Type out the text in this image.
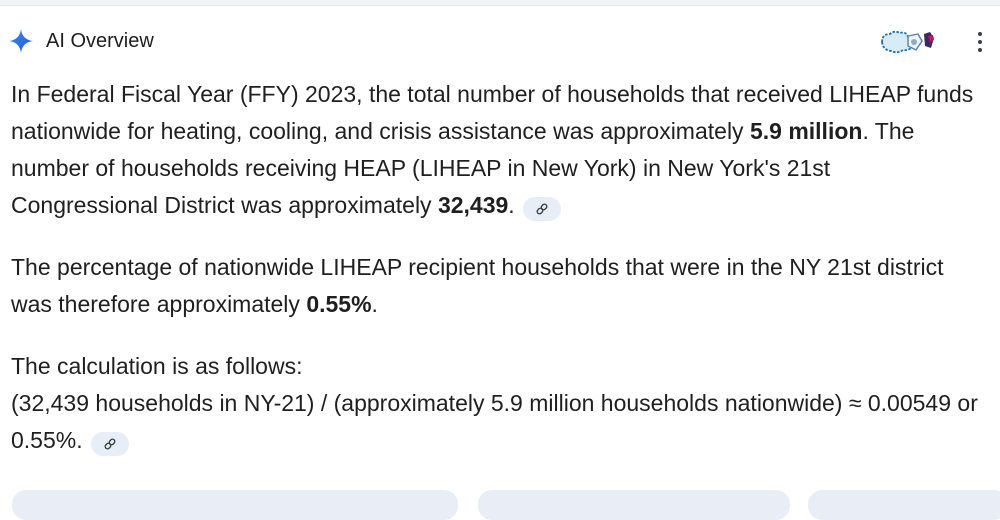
AI Overview

In Federal Fiscal Year (FFY) 2023, the total number of households that received LIHEAP funds nationwide for heating, cooling, and crisis assistance was approximately 5.9 million. The number of households receiving HEAP (LIHEAP in New York) in New York's 21st Congressional District was approximately 32,439.

The percentage of nationwide LIHEAP recipient households that were in the NY 21st district was therefore approximately 0.55%.

The calculation is as follows:
(32,439 households in NY-21) / (approximately 5.9 million households nationwide) ≈ 0.00549 or 0.55%.
